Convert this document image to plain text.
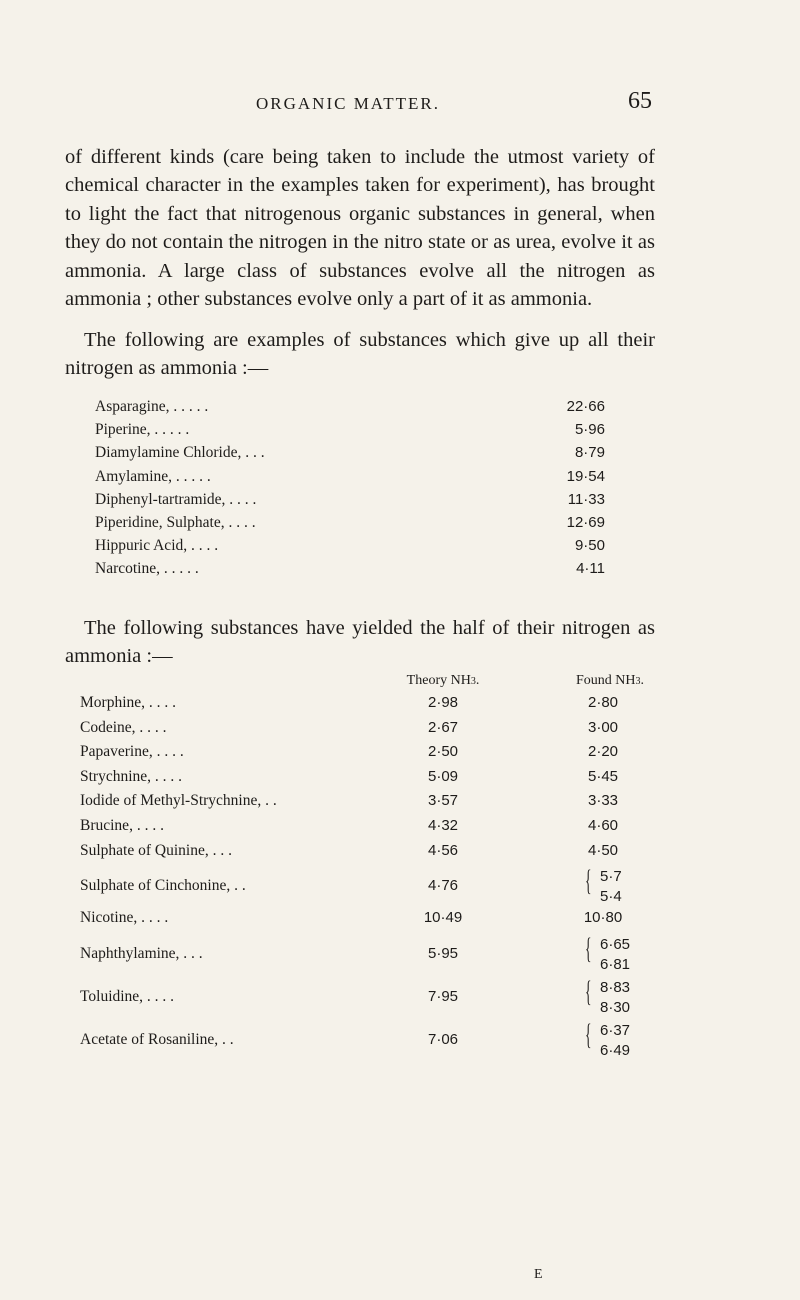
ORGANIC MATTER.	65

of different kinds (care being taken to include the utmost variety of chemical character in the examples taken for experiment), has brought to light the fact that nitrogenous organic substances in general, when they do not contain the nitrogen in the nitro state or as urea, evolve it as ammonia. A large class of substances evolve all the nitrogen as ammonia ; other substances evolve only a part of it as ammonia.

The following are examples of substances which give up all their nitrogen as ammonia :—

Asparagine, . . . . .	22·66
Piperine, . . . . .	5·96
Diamylamine Chloride, . . .	8·79
Amylamine, . . . . .	19·54
Diphenyl-tartramide, . . . .	11·33
Piperidine, Sulphate, . . . .	12·69
Hippuric Acid, . . . .	9·50
Narcotine, . . . . .	4·11

The following substances have yielded the half of their nitrogen as ammonia :—

Theory NH3.	Found NH3.
Morphine, . . . .	2·98	2·80
Codeine, . . . .	2·67	3·00
Papaverine, . . . .	2·50	2·20
Strychnine, . . . .	5·09	5·45
Iodide of Methyl-Strychnine, . .	3·57	3·33
Brucine, . . . .	4·32	4·60
Sulphate of Quinine, . . .	4·56	4·50
Sulphate of Cinchonine, . .	4·76	{ 5·7
5·4
Nicotine, . . . .	10·49	10·80
Naphthylamine, . . .	5·95	{ 6·65
6·81
Toluidine, . . . .	7·95	{ 8·83
8·30
Acetate of Rosaniline, . .	7·06	{ 6·37
6·49
E
